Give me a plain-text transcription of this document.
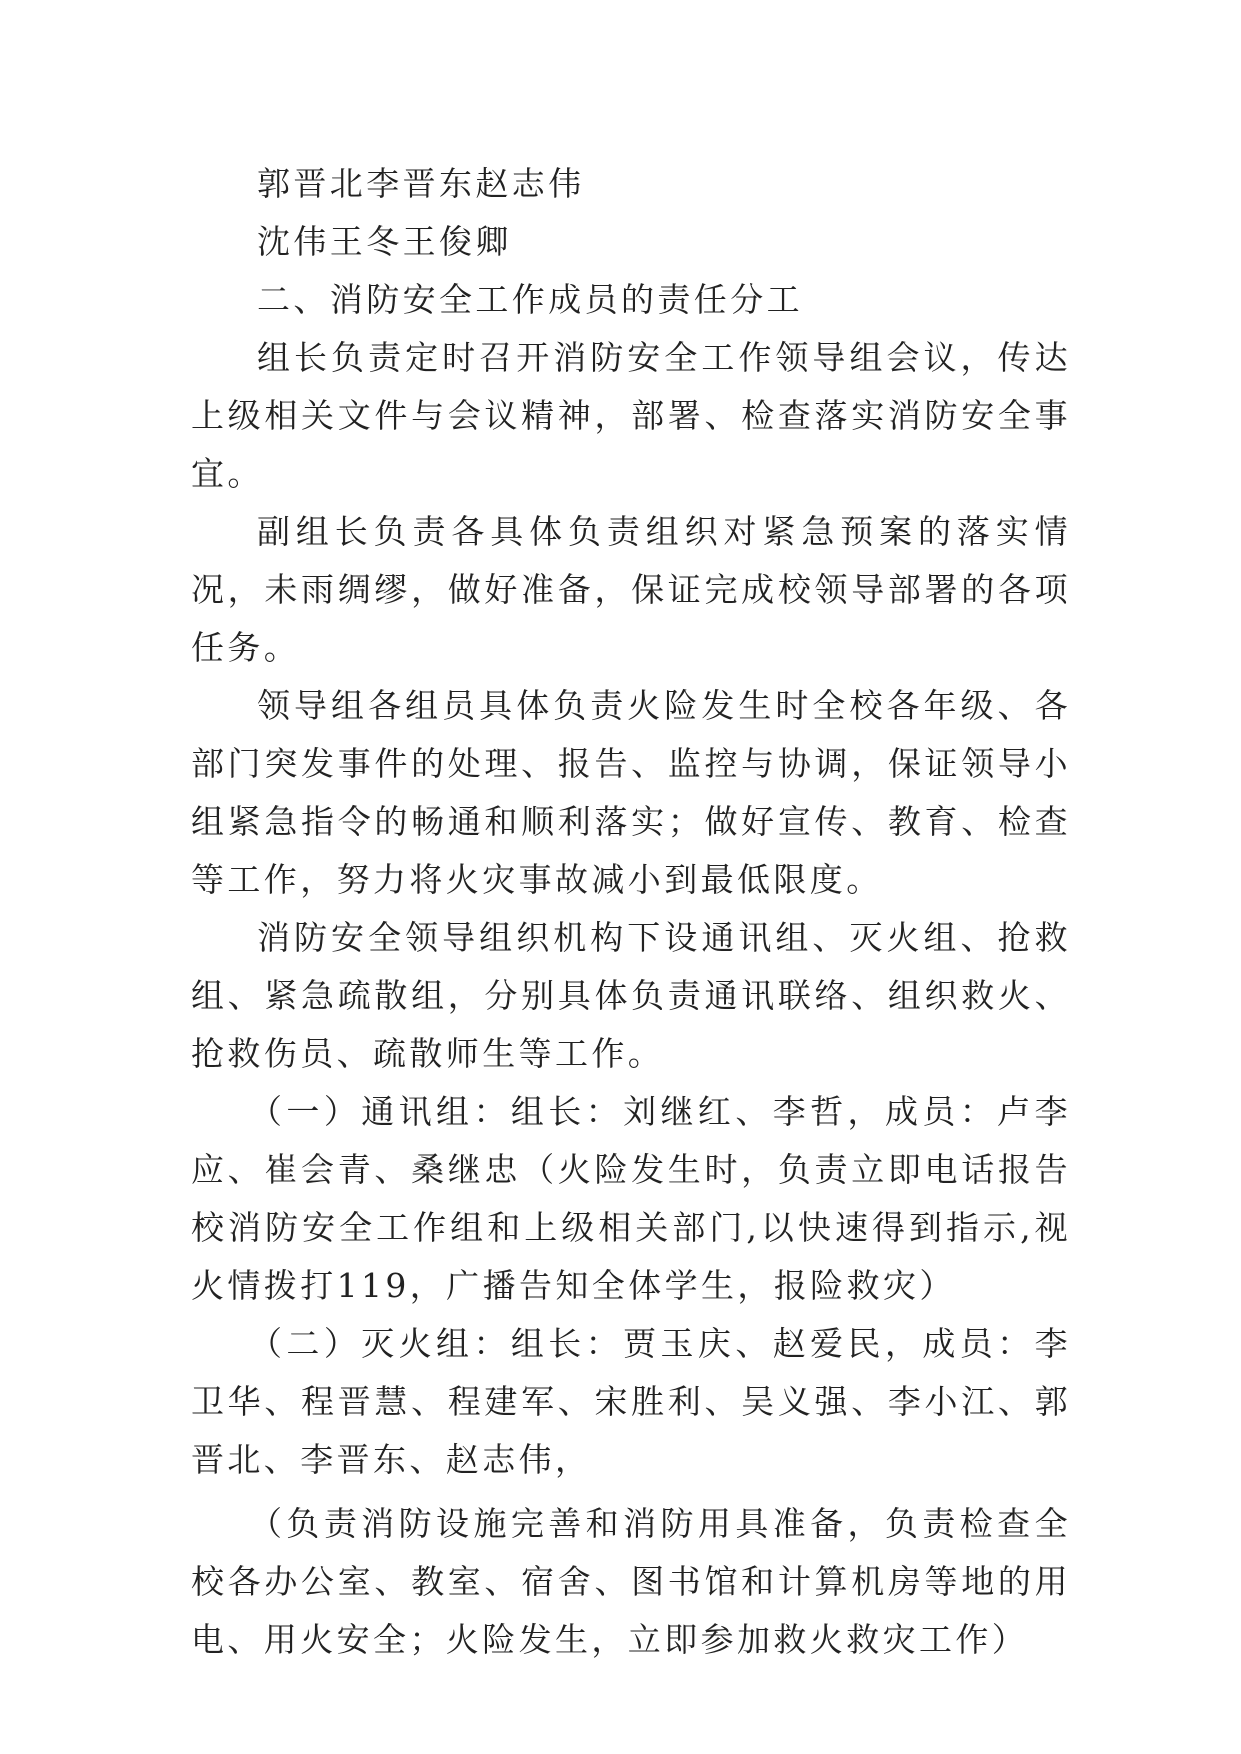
郭晋北李晋东赵志伟

沈伟王冬王俊卿

二、消防安全工作成员的责任分工

组长负责定时召开消防安全工作领导组会议，传达上级相关文件与会议精神，部署、检查落实消防安全事宜。

副组长负责各具体负责组织对紧急预案的落实情况，未雨绸缪，做好准备，保证完成校领导部署的各项任务。

领导组各组员具体负责火险发生时全校各年级、各部门突发事件的处理、报告、监控与协调，保证领导小组紧急指令的畅通和顺利落实；做好宣传、教育、检查等工作，努力将火灾事故减小到最低限度。

消防安全领导组织机构下设通讯组、灭火组、抢救组、紧急疏散组，分别具体负责通讯联络、组织救火、抢救伤员、疏散师生等工作。

（一）通讯组：组长：刘继红、李哲，成员：卢李应、崔会青、桑继忠（火险发生时，负责立即电话报告校消防安全工作组和上级相关部门,以快速得到指示,视火情拨打119，广播告知全体学生，报险救灾）

（二）灭火组：组长：贾玉庆、赵爱民，成员：李卫华、程晋慧、程建军、宋胜利、吴义强、李小江、郭晋北、李晋东、赵志伟，

（负责消防设施完善和消防用具准备，负责检查全校各办公室、教室、宿舍、图书馆和计算机房等地的用电、用火安全；火险发生，立即参加救火救灾工作）
